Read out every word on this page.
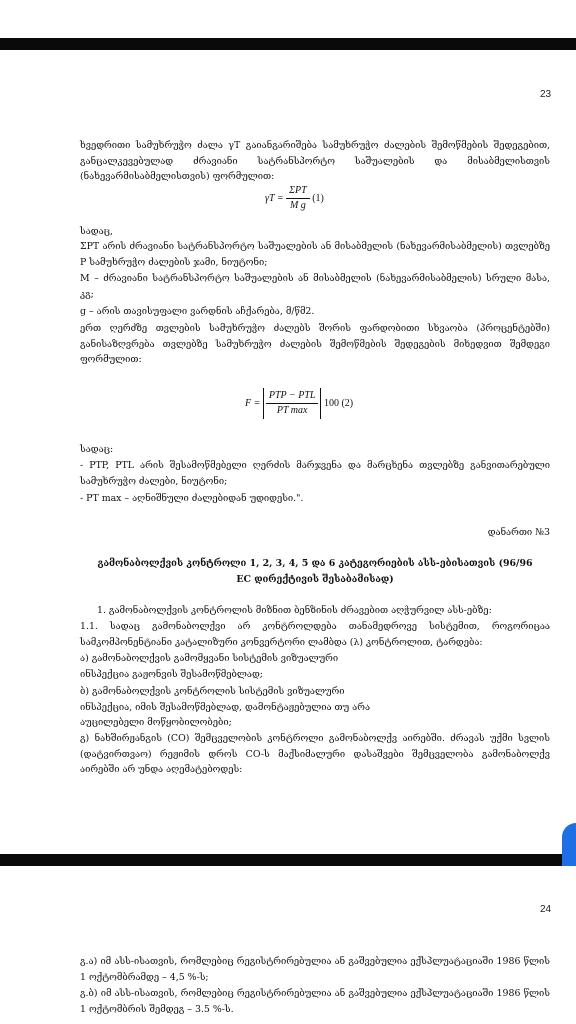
23
ხვედრითი სამუხრუჭო ძალა γT გაიანგარიშება სამუხრუჭო ძალების შემოწმების შედეგებით, განცალკევებულად ძრავიანი სატრანსპორტო საშუალების და მისაბმელისთვის (ნახევარმისაბმელისთვის) ფორმულით:
$\gamma T = \frac{\text{ΣPT}}{\text{M g}} (1)$
სადაც,
ΣPT არის ძრავიანი სატრანსპორტო საშუალების ან მისაბმელის (ნახევარმისაბმელის) თვლებზე P სამუხრუჭო ძალების ჯამი, ნიუტონი;
M – ძრავიანი სატრანსპორტო საშუალების ან მისაბმელის (ნახევარმისაბმელის) სრული მასა, კგ;
g – არის თავისუფალი ვარდნის აჩქარება, მ/წმ2.
ერთ ღერძზე თვლების სამუხრუჭო ძალებს შორის ფარდობითი სხვაობა (პროცენტებში) განისაზღვრება თვლებზე სამუხრუჭო ძალების შემოწმების შედეგების მიხედვით შემდეგი ფორმულით:
$F = \frac{\text{PTP − PTL}}{\text{PT max}} 100$ (2)
სადაც:
- PTP, PTL არის შესამოწმებელი ღერძის მარჯვენა და მარცხენა თვლებზე განვითარებული სამუხრუჭო ძალები, ნიუტონი;
- PT max – აღნიშნული ძალებიდან უდიდესი.".
დანართი №3
გამონაბოლქვის კონტროლი 1, 2, 3, 4, 5 და 6 კატეგორიების ასს-ებისათვის (96/96 EC დირექტივის შესაბამისად)
1. გამონაბოლქვის კონტროლის მიზნით ბენზინის ძრავებით აღჭურვილ ასს-ებზე:
1.1. სადაც გამონაბოლქვი არ კონტროლდება თანამედროვე სისტემით, როგორიცაა სამკომპონენტიანი კატალიზური კონვერტორი ლამბდა (λ) კონტროლით, ტარდება:
ა) გამონაბოლქვის გამომყვანი სისტემის ვიზუალური ინსპექცია გაჟონვის შესამოწმებლად;
ბ) გამონაბოლქვის კონტროლის სისტემის ვიზუალური ინსპექცია, იმის შესამოწმებლად, დამონტაჟებულია თუ არა აუცილებელი მოწყობილობები;
გ) ნახშირჟანგის (CO) შემცველობის კონტროლი გამონაბოლქვ აირებში. ძრავას უქმი სვლის (დატვირთვაო) რეჟიმის დროს CO-ს მაქსიმალური დასაშვები შემცველობა გამონაბოლქვ აირებში არ უნდა აღემატებოდეს:
24
გ.ა) იმ ასს-ისათვის, რომლებიც რეგისტრირებულია ან გაშვებულია ექსპლუატაციაში 1986 წლის 1 ოქტომბრამდე – 4,5 %-ს;
გ.ბ) იმ ასს-ისათვის, რომლებიც რეგისტრირებულია ან გაშვებულია ექსპლუატაციაში 1986 წლის 1 ოქტომბრის შემდეგ – 3.5 %-ს.
